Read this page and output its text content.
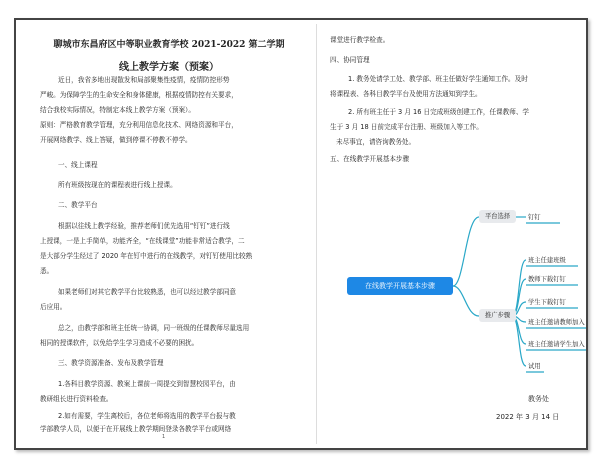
聊城市东昌府区中等职业教育学校 2021-2022 第二学期
线上教学方案（预案）

近日，我省多地出现散发和局部聚集性疫情，疫情防控形势

严峻。为保障学生的生命安全和身体健康，根据疫情防控有关要求，

结合我校实际情况，特制定本线上教学方案（预案）。

原则：严格教育教学管理，充分利用信息化技术、网络资源和平台，

开展网络教学、线上答疑，做到停课不停教不停学。

一、线上课程

所有班级按现在的课程表进行线上授课。

二、教学平台

根据以往线上教学经验，推荐老师们优先选用“钉钉”进行线

上授课，一是上手简单，功能齐全，“在线课堂”功能非常适合教学，二

是大部分学生经过了 2020 年在钉中进行的在线教学，对钉钉使用比较熟

悉。

如果老师们对其它教学平台比较熟悉，也可以经过教学部同意

后应用。

总之，由教学部和班主任统一协调，同一班级的任课教师尽量选用

相同的授课软件，以免给学生学习造成不必要的困扰。

三、教学资源准备、发布及教学管理

1.各科目教学资源、教案上课前一周提交到智慧校园平台，由

教研组长进行资料检查。

2.如有需要，学生离校后，各位老师将选用的教学平台报与教

学部教学人员，以便于在开展线上教学期间登录各教学平台或网络

1

课堂进行教学检查。

四、协同管理

1. 教务处请学工处、教学部、班主任做好学生通知工作。及时

将课程表、各科目教学平台及使用方法通知到学生。

2. 所有班主任于 3 月 16 日完成班级创建工作，任课教师、学

生于 3 月 18 日前完成平台注册、班级加入等工作。

未尽事宜，请咨询教务处。

五、在线教学开展基本步骤

在线教学开展基本步骤
平台选择	钉钉
推广步骤
班主任建班级
教师下载钉钉
学生下载钉钉
班主任邀请教师加入
班主任邀请学生加入
试用
教务处
2022 年 3 月 14 日
